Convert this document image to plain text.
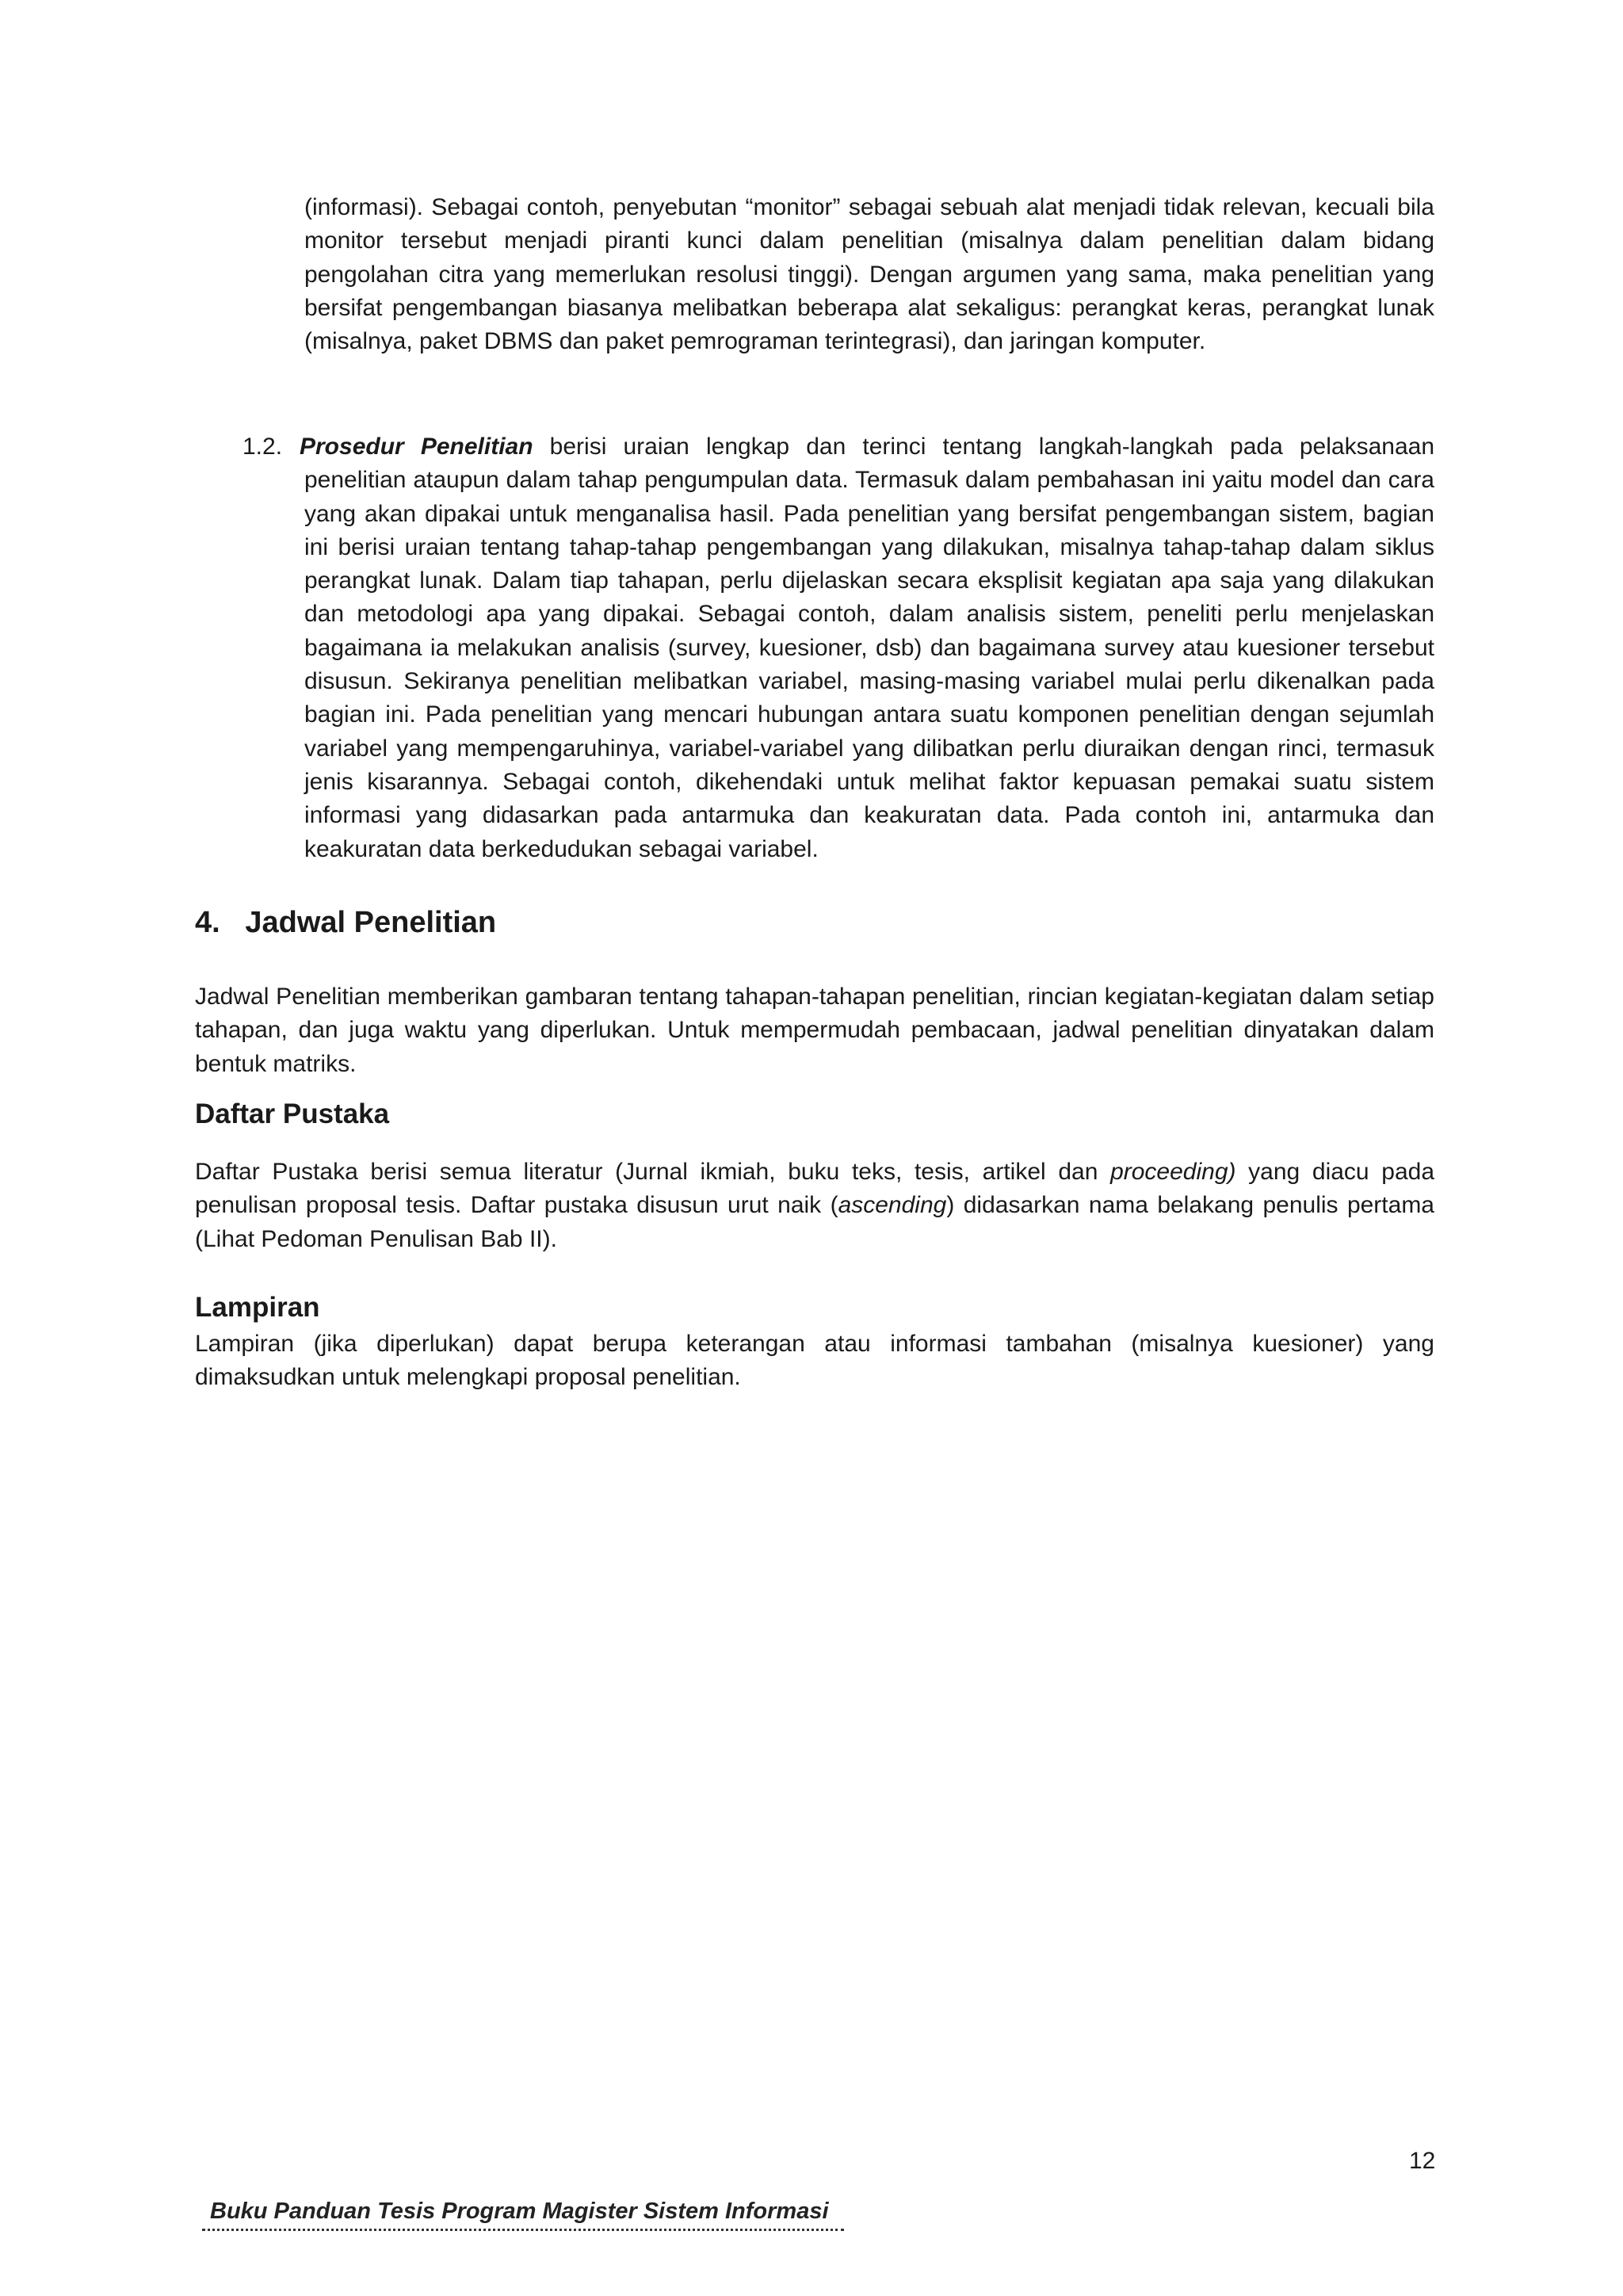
(informasi). Sebagai contoh, penyebutan “monitor” sebagai sebuah alat menjadi tidak relevan, kecuali bila monitor tersebut menjadi piranti kunci dalam penelitian (misalnya dalam penelitian dalam bidang pengolahan citra yang memerlukan resolusi tinggi). Dengan argumen yang sama, maka penelitian yang bersifat pengembangan biasanya melibatkan beberapa alat sekaligus: perangkat keras, perangkat lunak (misalnya, paket DBMS dan paket pemrograman terintegrasi), dan jaringan komputer.

1.2. Prosedur Penelitian berisi uraian lengkap dan terinci tentang langkah-langkah pada pelaksanaan penelitian ataupun dalam tahap pengumpulan data. Termasuk dalam pembahasan ini yaitu model dan cara yang akan dipakai untuk menganalisa hasil. Pada penelitian yang bersifat pengembangan sistem, bagian ini berisi uraian tentang tahap-tahap pengembangan yang dilakukan, misalnya tahap-tahap dalam siklus perangkat lunak. Dalam tiap tahapan, perlu dijelaskan secara eksplisit kegiatan apa saja yang dilakukan dan metodologi apa yang dipakai. Sebagai contoh, dalam analisis sistem, peneliti perlu menjelaskan bagaimana ia melakukan analisis (survey, kuesioner, dsb) dan bagaimana survey atau kuesioner tersebut disusun. Sekiranya penelitian melibatkan variabel, masing-masing variabel mulai perlu dikenalkan pada bagian ini. Pada penelitian yang mencari hubungan antara suatu komponen penelitian dengan sejumlah variabel yang mempengaruhinya, variabel-variabel yang dilibatkan perlu diuraikan dengan rinci, termasuk jenis kisarannya. Sebagai contoh, dikehendaki untuk melihat faktor kepuasan pemakai suatu sistem informasi yang didasarkan pada antarmuka dan keakuratan data. Pada contoh ini, antarmuka dan keakuratan data berkedudukan sebagai variabel.

4.   Jadwal Penelitian

Jadwal Penelitian memberikan gambaran tentang tahapan-tahapan penelitian, rincian kegiatan-kegiatan dalam setiap tahapan, dan juga waktu yang diperlukan. Untuk mempermudah pembacaan, jadwal penelitian dinyatakan dalam bentuk matriks.

Daftar Pustaka

Daftar Pustaka berisi semua literatur (Jurnal ikmiah, buku teks, tesis, artikel dan proceeding) yang diacu pada penulisan proposal tesis. Daftar pustaka disusun urut naik (ascending) didasarkan nama belakang penulis pertama (Lihat Pedoman Penulisan Bab II).

Lampiran

Lampiran (jika diperlukan) dapat berupa keterangan atau informasi tambahan (misalnya kuesioner) yang dimaksudkan untuk melengkapi proposal penelitian.

12
Buku Panduan Tesis Program Magister Sistem Informasi
